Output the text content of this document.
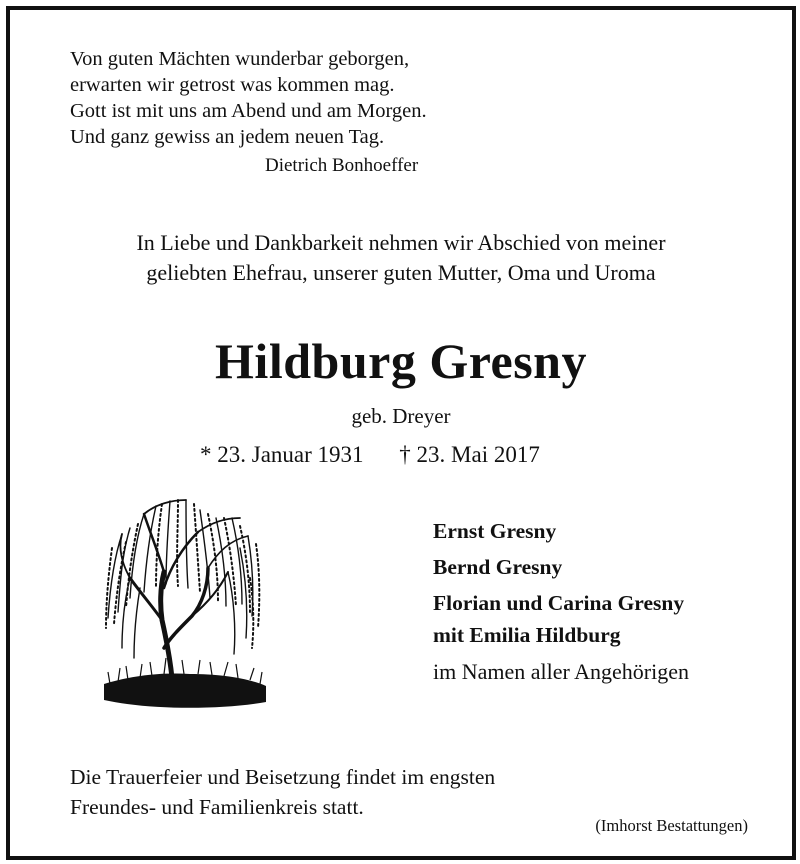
Von guten Mächten wunderbar geborgen,
erwarten wir getrost was kommen mag.
Gott ist mit uns am Abend und am Morgen.
Und ganz gewiss an jedem neuen Tag.
Dietrich Bonhoeffer
In Liebe und Dankbarkeit nehmen wir Abschied von meiner
geliebten Ehefrau, unserer guten Mutter, Oma und Uroma
Hildburg Gresny
geb. Dreyer
* 23. Januar 1931 † 23. Mai 2017
Ernst Gresny
Bernd Gresny
Florian und Carina Gresny
mit Emilia Hildburg
im Namen aller Angehörigen
Die Trauerfeier und Beisetzung findet im engsten
Freundes- und Familienkreis statt.
(Imhorst Bestattungen)
